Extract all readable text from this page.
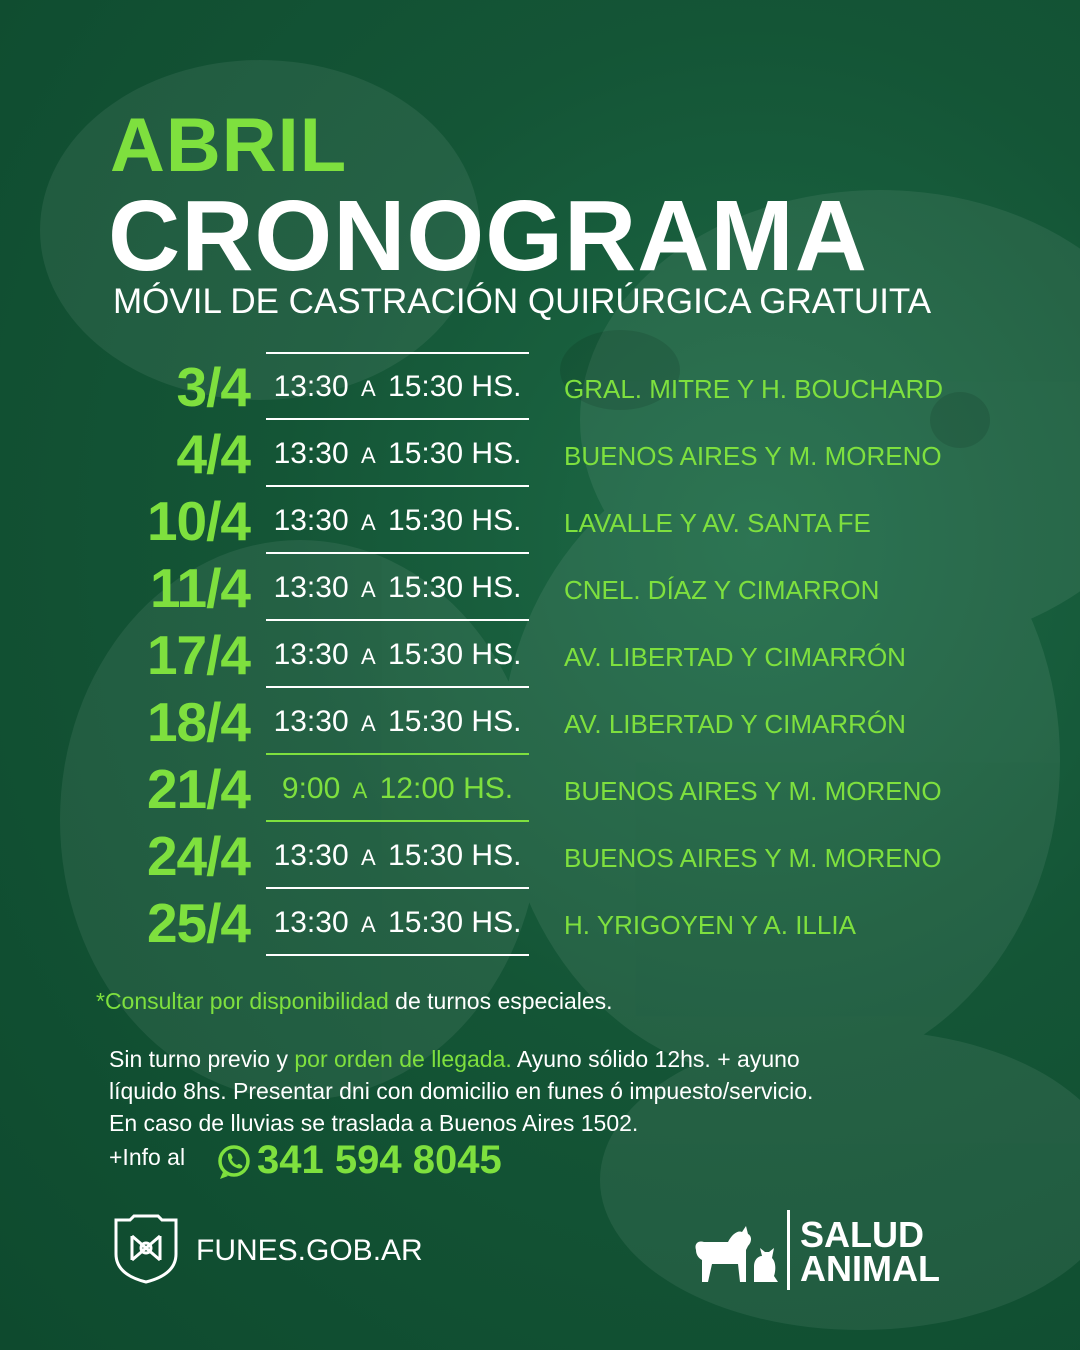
ABRIL
CRONOGRAMA
MÓVIL DE CASTRACIÓN QUIRÚRGICA GRATUITA
3/4 13:30 A 15:30 HS. GRAL. MITRE Y H. BOUCHARD
4/4 13:30 A 15:30 HS. BUENOS AIRES Y M. MORENO
10/4 13:30 A 15:30 HS. LAVALLE Y AV. SANTA FE
11/4 13:30 A 15:30 HS. CNEL. DÍAZ Y CIMARRON
17/4 13:30 A 15:30 HS. AV. LIBERTAD Y CIMARRÓN
18/4 13:30 A 15:30 HS. AV. LIBERTAD Y CIMARRÓN
21/4	9:00 A 12:00 HS.	BUENOS AIRES Y M. MORENO
24/4 13:30 A 15:30 HS. BUENOS AIRES Y M. MORENO
25/4 13:30 A 15:30 HS. H. YRIGOYEN Y A. ILLIA
*Consultar por disponibilidad de turnos especiales.
Sin turno previo y por orden de llegada. Ayuno sólido 12hs. + ayuno
líquido 8hs. Presentar dni con domicilio en funes ó impuesto/servicio.
En caso de lluvias se traslada a Buenos Aires 1502.
+Info al 341 594 8045
FUNES.GOB.AR	SALUD
ANIMAL
